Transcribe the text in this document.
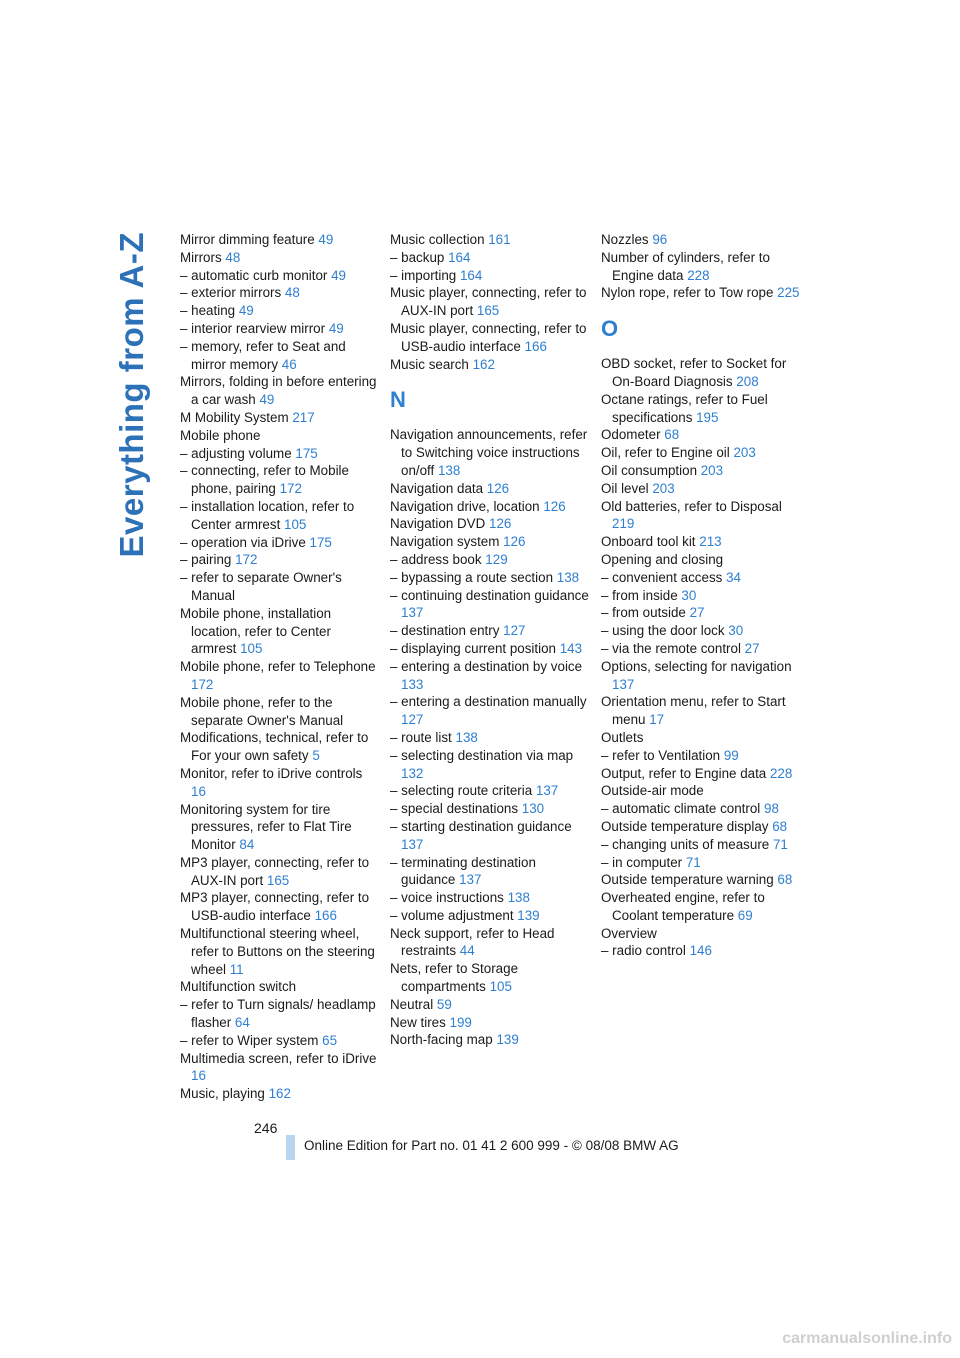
Everything from A-Z Mirror dimming feature 49
Mirrors 48
– automatic curb monitor 49
– exterior mirrors 48
– heating 49
– interior rearview mirror 49
– memory, refer to Seat and mirror memory 46
Mirrors, folding in before entering a car wash 49
M Mobility System 217
Mobile phone
– adjusting volume 175
– connecting, refer to Mobile phone, pairing 172
– installation location, refer to Center armrest 105
– operation via iDrive 175
– pairing 172
– refer to separate Owner's Manual
Mobile phone, installation location, refer to Center armrest 105
Mobile phone, refer to Telephone 172
Mobile phone, refer to the separate Owner's Manual
Modifications, technical, refer to For your own safety 5
Monitor, refer to iDrive controls 16
Monitoring system for tire pressures, refer to Flat Tire Monitor 84
MP3 player, connecting, refer to AUX-IN port 165
MP3 player, connecting, refer to USB-audio interface 166
Multifunctional steering wheel, refer to Buttons on the steering wheel 11
Multifunction switch
– refer to Turn signals/ headlamp flasher 64
– refer to Wiper system 65
Multimedia screen, refer to iDrive 16
Music, playing 162
Music collection 161
– backup 164
– importing 164
Music player, connecting, refer to AUX-IN port 165
Music player, connecting, refer to USB-audio interface 166
Music search 162
N
Navigation announcements, refer to Switching voice instructions on/off 138
Navigation data 126
Navigation drive, location 126
Navigation DVD 126
Navigation system 126
– address book 129
– bypassing a route section 138
– continuing destination guidance 137
– destination entry 127
– displaying current position 143
– entering a destination by voice 133
– entering a destination manually 127
– route list 138
– selecting destination via map 132
– selecting route criteria 137
– special destinations 130
– starting destination guidance 137
– terminating destination guidance 137
– voice instructions 138
– volume adjustment 139
Neck support, refer to Head restraints 44
Nets, refer to Storage compartments 105
Neutral 59
New tires 199
North-facing map 139
Nozzles 96
Number of cylinders, refer to Engine data 228
Nylon rope, refer to Tow rope 225
O
OBD socket, refer to Socket for On-Board Diagnosis 208
Octane ratings, refer to Fuel specifications 195
Odometer 68
Oil, refer to Engine oil 203
Oil consumption 203
Oil level 203
Old batteries, refer to Disposal 219
Onboard tool kit 213
Opening and closing
– convenient access 34
– from inside 30
– from outside 27
– using the door lock 30
– via the remote control 27
Options, selecting for navigation 137
Orientation menu, refer to Start menu 17
Outlets
– refer to Ventilation 99
Output, refer to Engine data 228
Outside-air mode
– automatic climate control 98
Outside temperature display 68
– changing units of measure 71
– in computer 71
Outside temperature warning 68
Overheated engine, refer to Coolant temperature 69
Overview
– radio control 146
246
Online Edition for Part no. 01 41 2 600 999 - © 08/08 BMW AG
carmanualsonline.info
